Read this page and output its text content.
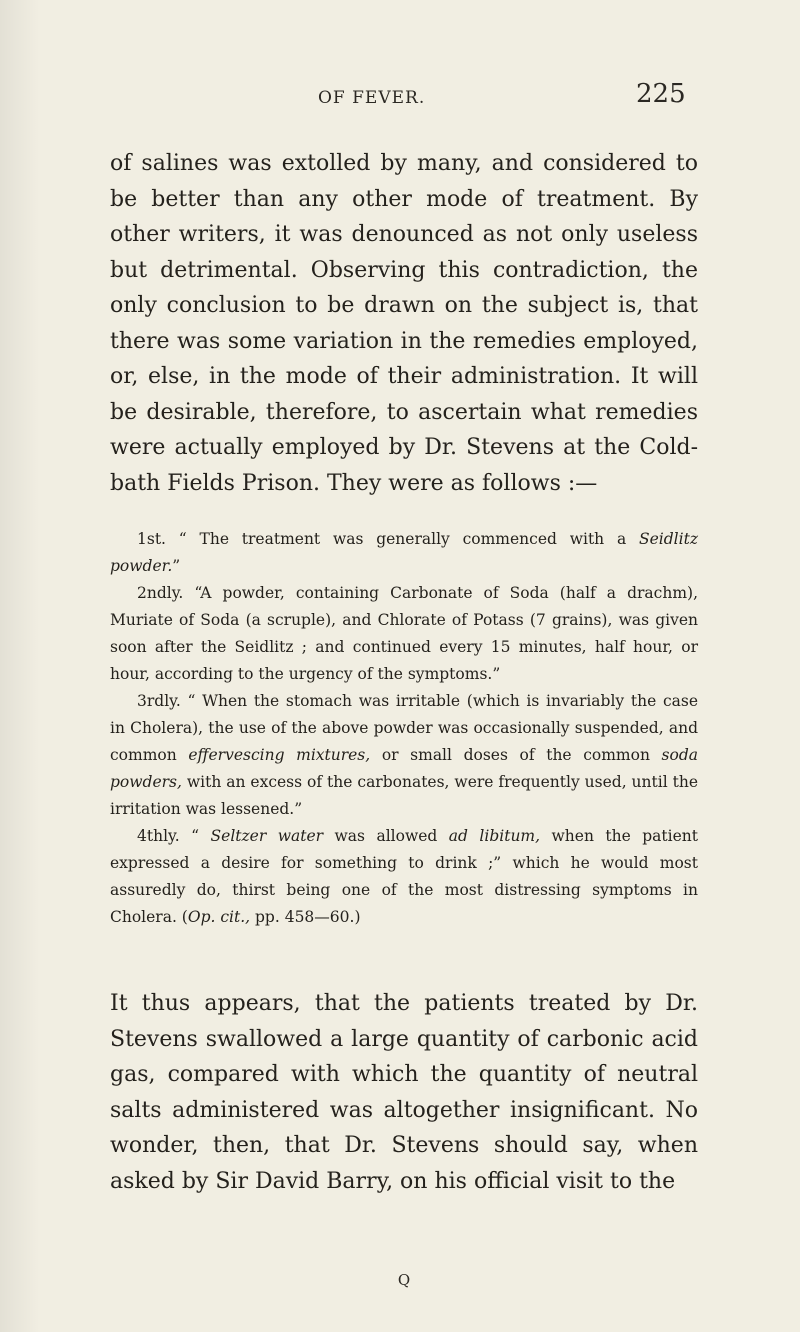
OF FEVER.	225

of salines was extolled by many, and considered to be better than any other mode of treatment. By other writers, it was denounced as not only useless but detrimental. Observing this contradiction, the only conclusion to be drawn on the subject is, that there was some variation in the remedies employed, or, else, in the mode of their administration. It will be desirable, therefore, to ascertain what remedies were actually employed by Dr. Stevens at the Cold-bath Fields Prison. They were as follows :—

1st. “ The treatment was generally commenced with a Seidlitz powder.”

2ndly. “A powder, containing Carbonate of Soda (half a drachm), Muriate of Soda (a scruple), and Chlorate of Potass (7 grains), was given soon after the Seidlitz ; and continued every 15 minutes, half hour, or hour, according to the urgency of the symptoms.”

3rdly. “ When the stomach was irritable (which is invariably the case in Cholera), the use of the above powder was occasionally suspended, and common effervescing mixtures, or small doses of the common soda powders, with an excess of the carbonates, were frequently used, until the irritation was lessened.”

4thly. “ Seltzer water was allowed ad libitum, when the patient expressed a desire for something to drink ;” which he would most assuredly do, thirst being one of the most distressing symptoms in Cholera. (Op. cit., pp. 458—60.)

It thus appears, that the patients treated by Dr. Stevens swallowed a large quantity of carbonic acid gas, compared with which the quantity of neutral salts administered was altogether insignificant. No wonder, then, that Dr. Stevens should say, when asked by Sir David Barry, on his official visit to the

Q
